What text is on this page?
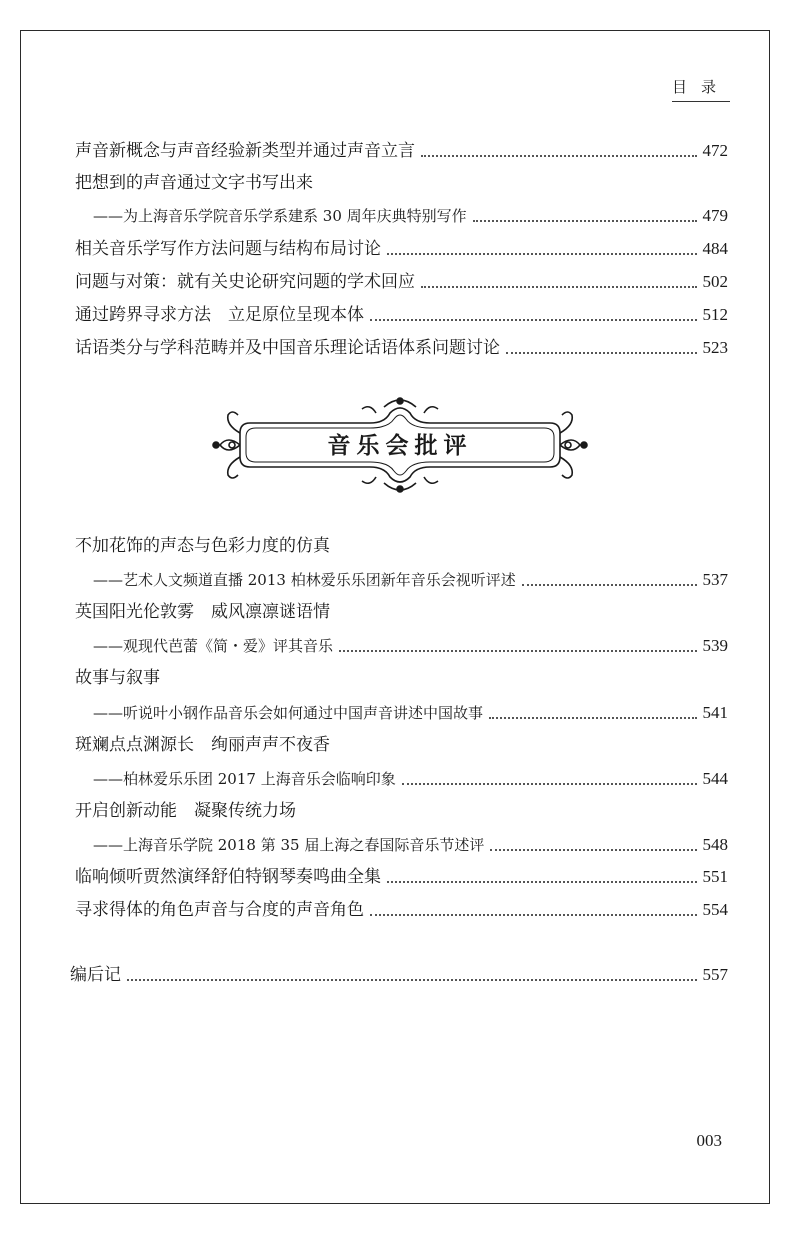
目录
声音新概念与声音经验新类型并通过声音立言	472
把想到的声音通过文字书写出来
——为上海音乐学院音乐学系建系 30 周年庆典特别写作	479
相关音乐学写作方法问题与结构布局讨论	484
问题与对策：就有关史论研究问题的学术回应	502
通过跨界寻求方法　立足原位呈现本体	512
话语类分与学科范畴并及中国音乐理论话语体系问题讨论	523
音乐会批评
不加花饰的声态与色彩力度的仿真
——艺术人文频道直播 2013 柏林爱乐乐团新年音乐会视听评述	537
英国阳光伦敦雾　威风凛凛谜语情
——观现代芭蕾《简・爱》评其音乐	539
故事与叙事
——听说叶小钢作品音乐会如何通过中国声音讲述中国故事	541
斑斓点点渊源长　绚丽声声不夜香
——柏林爱乐乐团 2017 上海音乐会临响印象	544
开启创新动能　凝聚传统力场
——上海音乐学院 2018 第 35 届上海之春国际音乐节述评	548
临响倾听贾然演绎舒伯特钢琴奏鸣曲全集	551
寻求得体的角色声音与合度的声音角色	554
编后记	557
003
